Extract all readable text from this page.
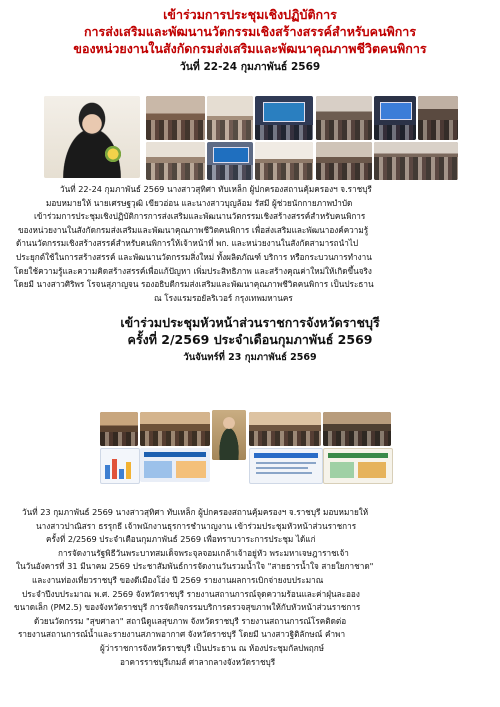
เข้าร่วมการประชุมเชิงปฏิบัติการ
การส่งเสริมและพัฒนานวัตกรรมเชิงสร้างสรรค์สำหรับคนพิการ
ของหน่วยงานในสังกัดกรมส่งเสริมและพัฒนาคุณภาพชีวิตคนพิการ
วันที่ 22-24 กุมภาพันธ์ 2569
วันที่ 22-24 กุมภาพันธ์ 2569 นางสาวสุทิศา ทับเหล็ก ผู้ปกครองสถานคุ้มครองฯ จ.ราชบุรี
มอบหมายให้ นายเศรษฐวุฒิ เขียวอ่อน และนางสาวบุญล้อม รัสมี ผู้ช่วยนักกายภาพบำบัด
เข้าร่วมการประชุมเชิงปฏิบัติการการส่งเสริมและพัฒนานวัตกรรมเชิงสร้างสรรค์สำหรับคนพิการ
ของหน่วยงานในสังกัดกรมส่งเสริมและพัฒนาคุณภาพชีวิตคนพิการ เพื่อส่งเสริมและพัฒนาองค์ความรู้
ด้านนวัตกรรมเชิงสร้างสรรค์สำหรับคนพิการให้เจ้าหน้าที่ พก. และหน่วยงานในสังกัดสามารถนำไป
ประยุกต์ใช้ในการสร้างสรรค์ และพัฒนานวัตกรรมสิ่งใหม่ ทั้งผลิตภัณฑ์ บริการ หรือกระบวนการทำงาน
โดยใช้ความรู้และความคิดสร้างสรรค์เพื่อแก้ปัญหา เพิ่มประสิทธิภาพ และสร้างคุณค่าใหม่ให้เกิดขึ้นจริง
โดยมี นางสาวศิริพร โรจนสุภาญจน รองอธิบดีกรมส่งเสริมและพัฒนาคุณภาพชีวิตคนพิการ เป็นประธาน
ณ โรงแรมรอยัลริเวอร์ กรุงเทพมหานคร
เข้าร่วมประชุมหัวหน้าส่วนราชการจังหวัดราชบุรี
ครั้งที่ 2/2569 ประจำเดือนกุมภาพันธ์ 2569
วันจันทร์ที่ 23 กุมภาพันธ์ 2569
วันที่ 23 กุมภาพันธ์ 2569 นางสาวสุทิศา ทับเหล็ก ผู้ปกครองสถานคุ้มครองฯ จ.ราชบุรี มอบหมายให้
นางสาวปาณิสรา ธรรุกธี เจ้าพนักงานธุรการชำนาญงาน เข้าร่วมประชุมหัวหน้าส่วนราชการ
ครั้งที่ 2/2569 ประจำเดือนกุมภาพันธ์ 2569 เพื่อทราบวาระการประชุม ได้แก่
การจัดงานรัฐพิธีวันพระบาทสมเด็จพระจุลจอมเกล้าเจ้าอยู่หัว พระมหาเจษฎาราชเจ้า
ในวันอังคารที่ 31 มีนาคม 2569 ประชาสัมพันธ์การจัดงานวันรวมน้ำใจ "สายธารน้ำใจ สายใยกาชาด"
และงานท่องเที่ยวราชบุรี ของดีเมืองโอ่ง ปี 2569 รายงานผลการเบิกจ่ายงบประมาณ
ประจำปีงบประมาณ พ.ศ. 2569 จังหวัดราชบุรี รายงานสถานการณ์จุดความร้อนและค่าฝุ่นละออง
ขนาดเล็ก (PM2.5) ของจังหวัดราชบุรี การจัดกิจกรรมบริการตรวจสุขภาพให้กับหัวหน้าส่วนราชการ
ด้วยนวัตกรรม "สุขศาลา" สถานีดูแลสุขภาพ จังหวัดราชบุรี รายงานสถานการณ์โรคติดต่อ
รายงานสถานการณ์น้ำและรายงานสภาพอากาศ จังหวัดราชบุรี โดยมี นางสาวฐิติลักษณ์ คำพา
ผู้ว่าราชการจังหวัดราชบุรี เป็นประธาน ณ ห้องประชุมกัลปพฤกษ์
อาคารราชบุรีเกมส์ ศาลากลางจังหวัดราชบุรี
